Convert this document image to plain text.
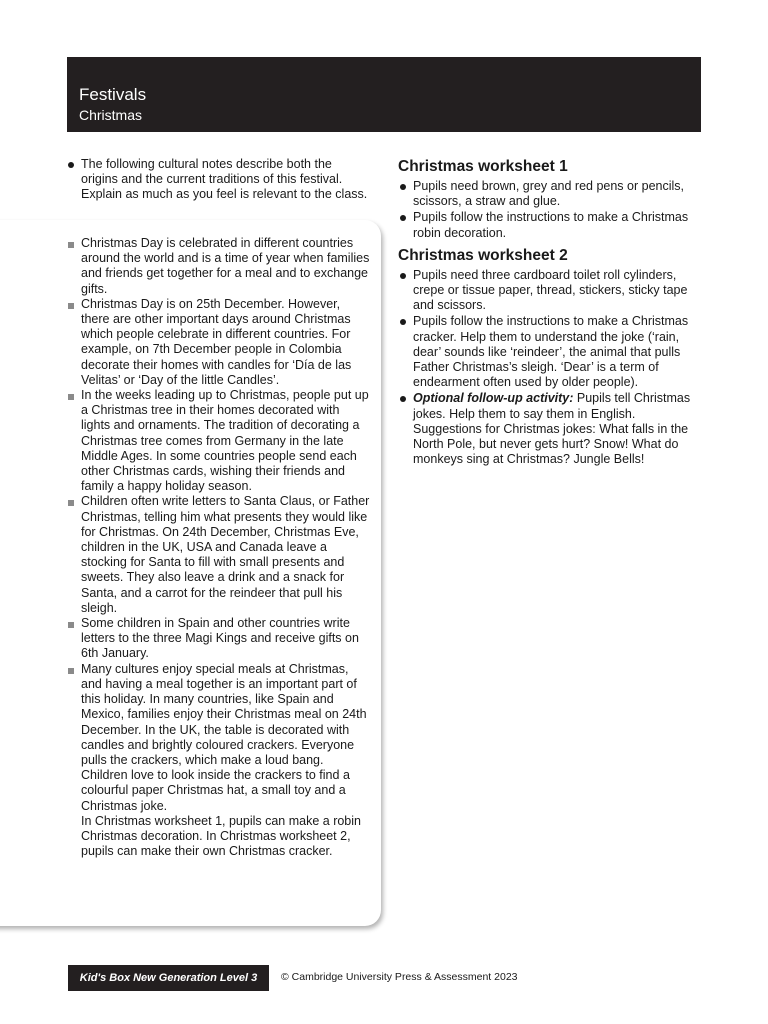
Festivals
Christmas
The following cultural notes describe both the origins and the current traditions of this festival. Explain as much as you feel is relevant to the class.
Christmas Day is celebrated in different countries around the world and is a time of year when families and friends get together for a meal and to exchange gifts.
Christmas Day is on 25th December. However, there are other important days around Christmas which people celebrate in different countries. For example, on 7th December people in Colombia decorate their homes with candles for ‘Día de las Velitas’ or ‘Day of the little Candles’.
In the weeks leading up to Christmas, people put up a Christmas tree in their homes decorated with lights and ornaments. The tradition of decorating a Christmas tree comes from Germany in the late Middle Ages. In some countries people send each other Christmas cards, wishing their friends and family a happy holiday season.
Children often write letters to Santa Claus, or Father Christmas, telling him what presents they would like for Christmas. On 24th December, Christmas Eve, children in the UK, USA and Canada leave a stocking for Santa to fill with small presents and sweets. They also leave a drink and a snack for Santa, and a carrot for the reindeer that pull his sleigh.
Some children in Spain and other countries write letters to the three Magi Kings and receive gifts on 6th January.
Many cultures enjoy special meals at Christmas, and having a meal together is an important part of this holiday. In many countries, like Spain and Mexico, families enjoy their Christmas meal on 24th December. In the UK, the table is decorated with candles and brightly coloured crackers. Everyone pulls the crackers, which make a loud bang. Children love to look inside the crackers to find a colourful paper Christmas hat, a small toy and a Christmas joke.
In Christmas worksheet 1, pupils can make a robin Christmas decoration. In Christmas worksheet 2, pupils can make their own Christmas cracker.
Christmas worksheet 1
Pupils need brown, grey and red pens or pencils, scissors, a straw and glue.
Pupils follow the instructions to make a Christmas robin decoration.
Christmas worksheet 2
Pupils need three cardboard toilet roll cylinders, crepe or tissue paper, thread, stickers, sticky tape and scissors.
Pupils follow the instructions to make a Christmas cracker. Help them to understand the joke (‘rain, dear’ sounds like ‘reindeer’, the animal that pulls Father Christmas’s sleigh. ‘Dear’ is a term of endearment often used by older people).
Optional follow-up activity: Pupils tell Christmas jokes. Help them to say them in English. Suggestions for Christmas jokes: What falls in the North Pole, but never gets hurt? Snow! What do monkeys sing at Christmas? Jungle Bells!
Kid's Box New Generation Level 3	© Cambridge University Press & Assessment 2023
